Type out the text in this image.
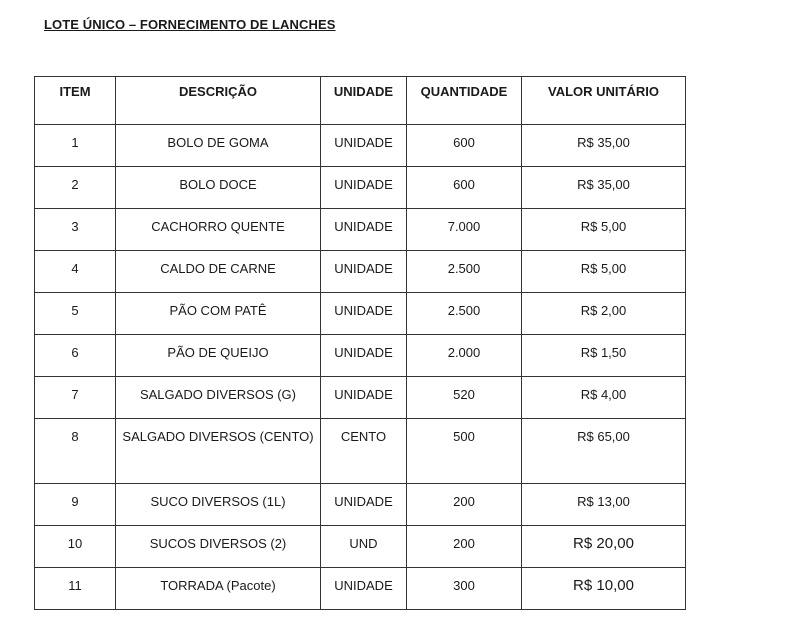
LOTE ÚNICO – FORNECIMENTO DE LANCHES
ITEM	DESCRIÇÃO	UNIDADE	QUANTIDADE	VALOR UNITÁRIO
1	BOLO DE GOMA	UNIDADE	600	R$ 35,00
2	BOLO DOCE	UNIDADE	600	R$ 35,00
3	CACHORRO QUENTE	UNIDADE	7.000	R$ 5,00
4	CALDO DE CARNE	UNIDADE	2.500	R$ 5,00
5	PÃO COM PATÊ	UNIDADE	2.500	R$ 2,00
6	PÃO DE QUEIJO	UNIDADE	2.000	R$ 1,50
7	SALGADO DIVERSOS (G)	UNIDADE	520	R$ 4,00
8	SALGADO DIVERSOS (CENTO)	CENTO	500	R$ 65,00
9	SUCO DIVERSOS (1L)	UNIDADE	200	R$ 13,00
10	SUCOS DIVERSOS (2)	UND	200	R$ 20,00
11	TORRADA (Pacote)	UNIDADE	300	R$ 10,00
